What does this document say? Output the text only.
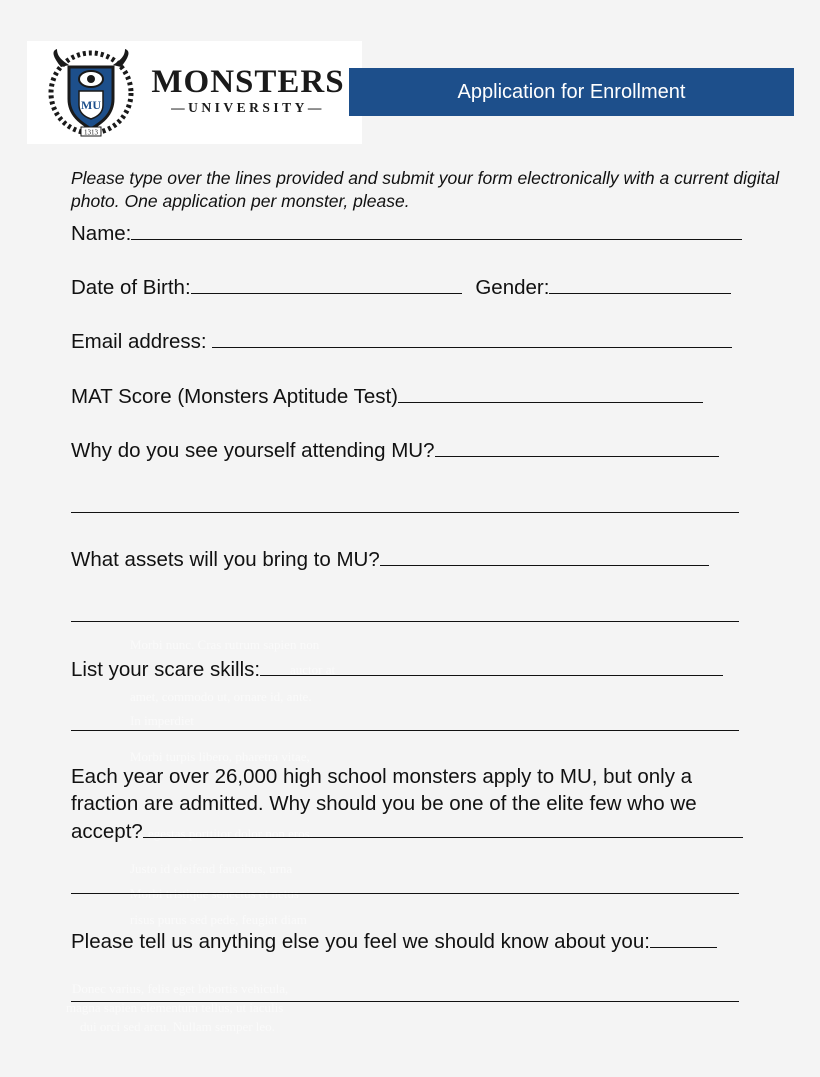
MU
1313
MONSTERS
—UNIVERSITY—
Application for Enrollment
Morbi nunc. Cras rutrum sapien non
auctor at
amet, commodo ut, ornare id, ante.
In imperdiet
Morbi turpis libero, pharetra vitae,
egestas porttitor dolor non eros.
Justo id eleifend faucibus, urna
Morbi tristique senectus et netus
risus purus sed pede, feugiat diam
Donec varius, felis eget lobortis vehicula,
magna sapien elementum tellus, ut iaculis
dui orci sed arcu. Nullam semper leo.
Please type over the lines provided and submit your form electronically with a current digital photo. One application per monster, please.
Name:
Date of Birth:	Gender:
Email address:
MAT Score (Monsters Aptitude Test)
Why do you see yourself attending MU?
What assets will you bring to MU?
List your scare skills:
Each year over 26,000 high school monsters apply to MU, but only a
fraction are admitted. Why should you be one of the elite few who we
accept?
Please tell us anything else you feel we should know about you:
